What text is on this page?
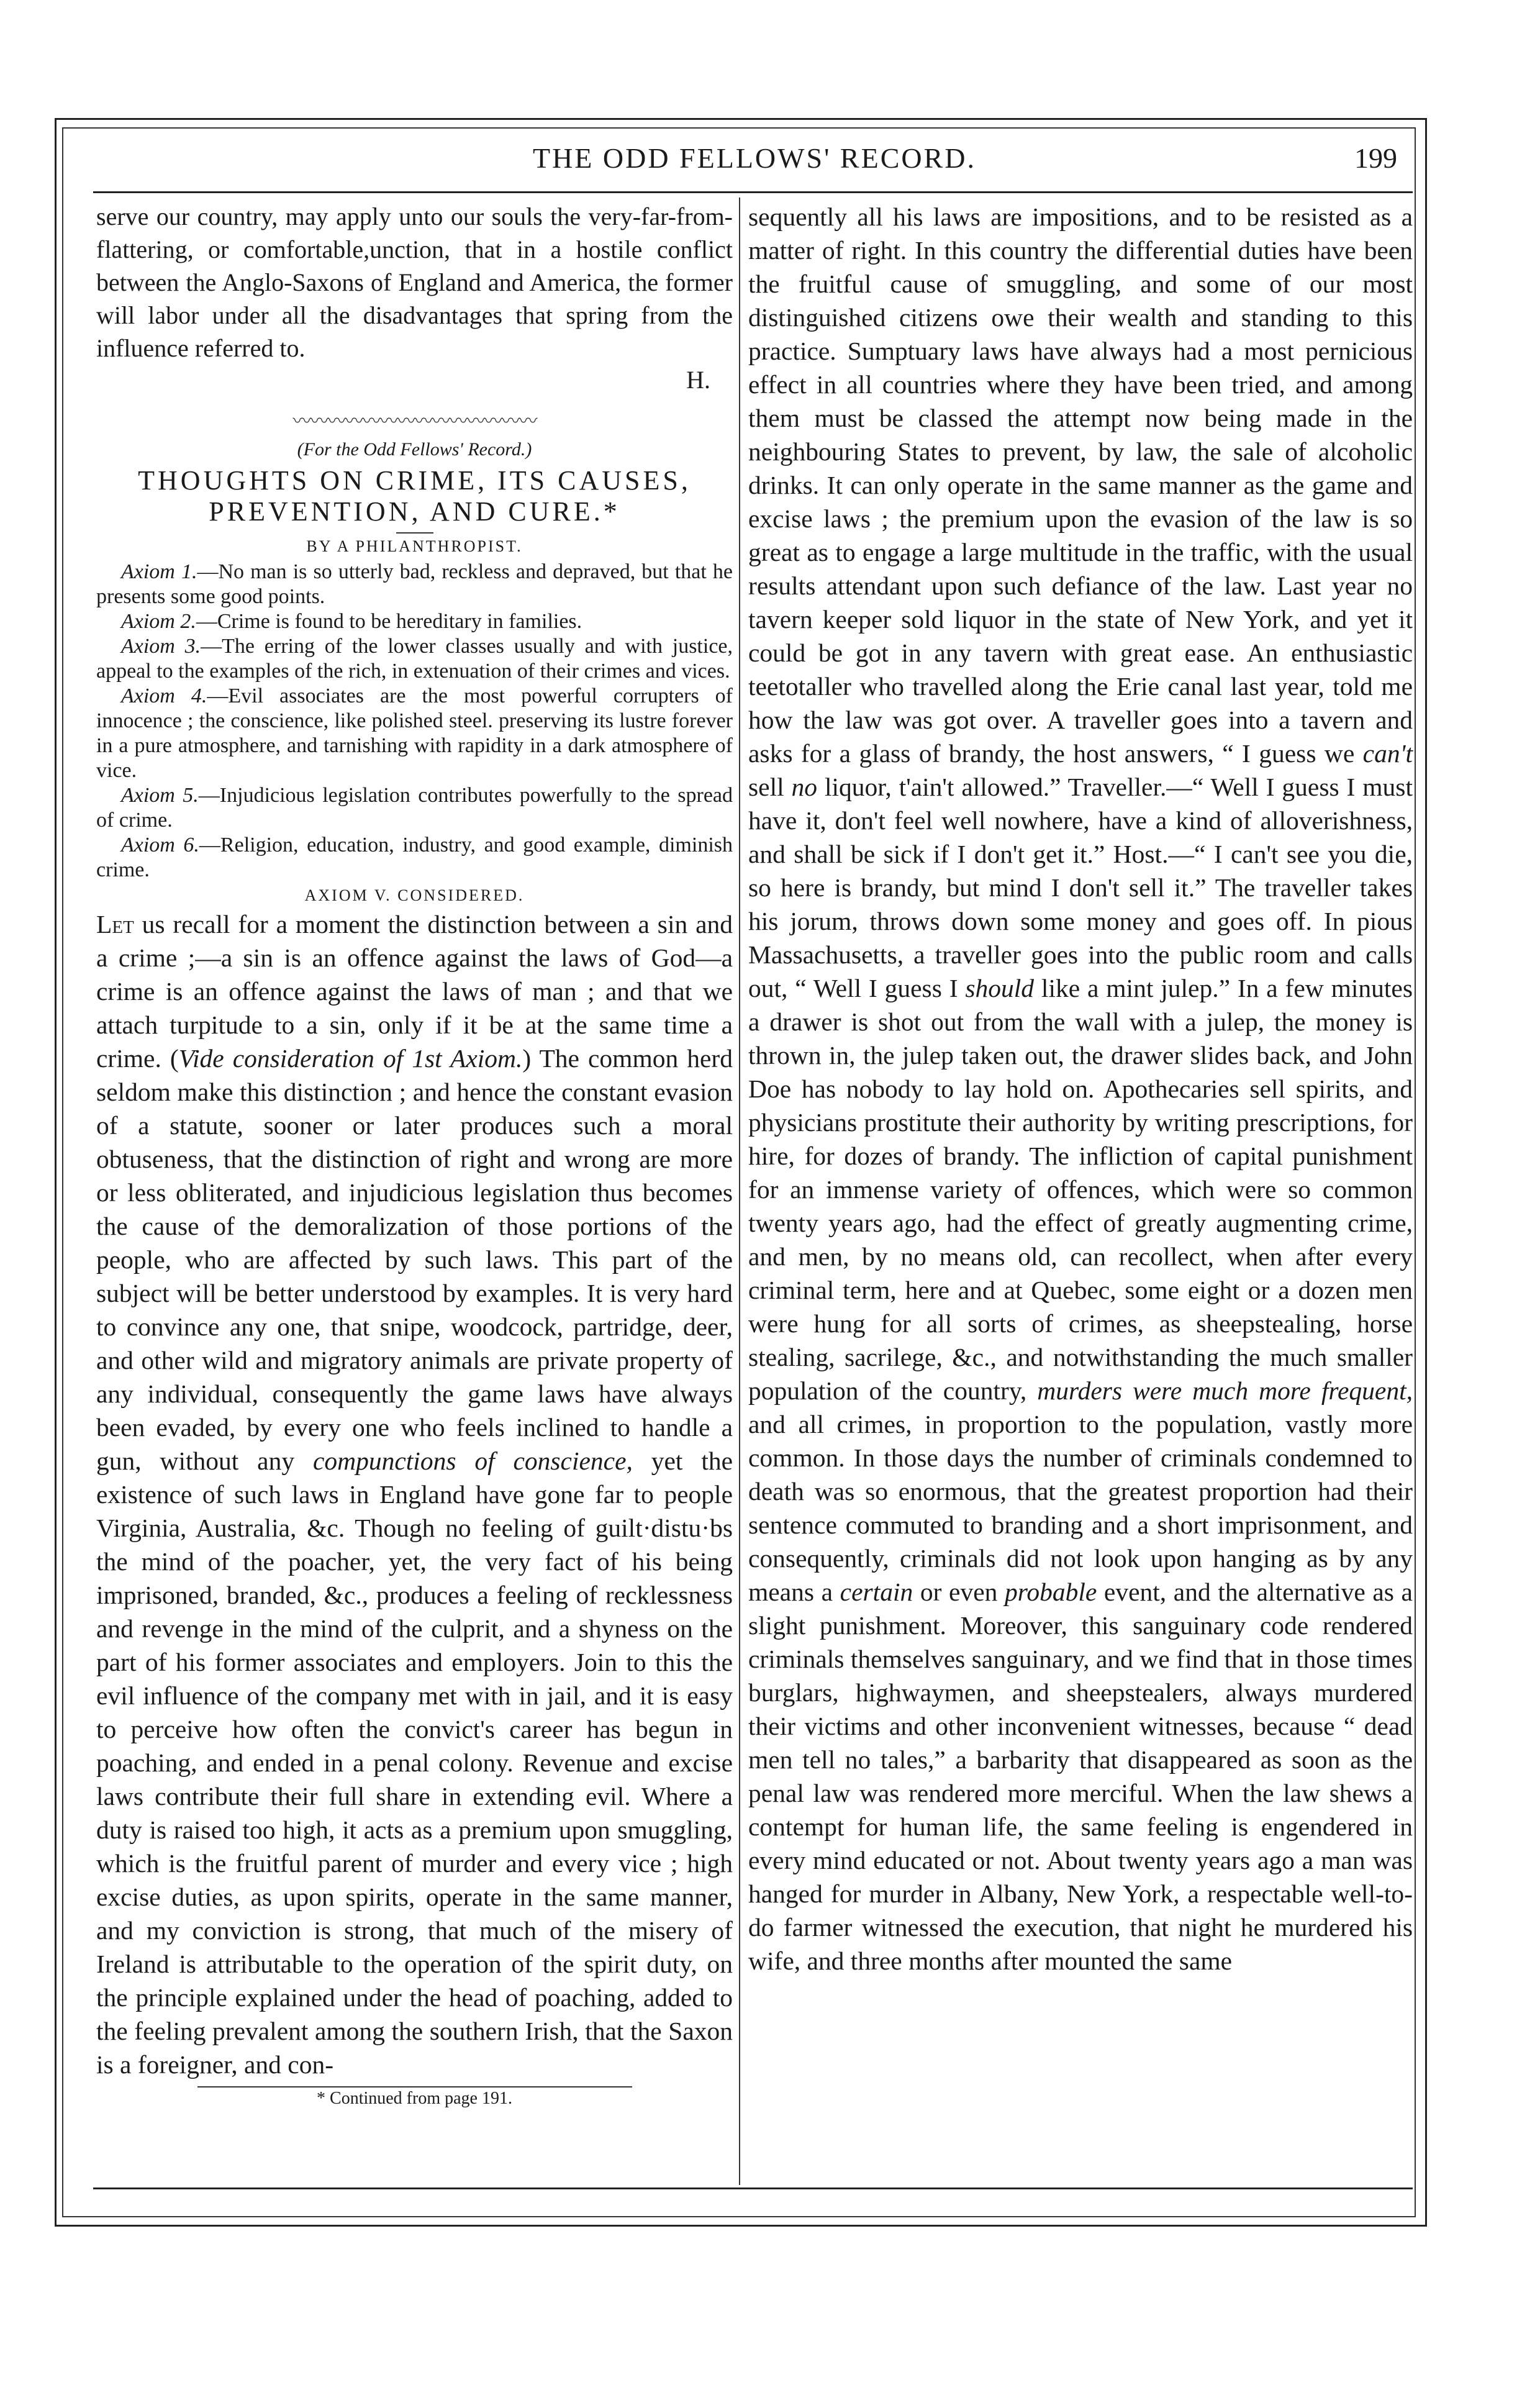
THE ODD FELLOWS' RECORD.	199

serve our country, may apply unto our souls the very-far-from-flattering, or comfortable,unction, that in a hostile conflict between the Anglo-Saxons of England and America, the former will labor under all the disadvantages that spring from the influence referred to.

H.
〰〰〰〰〰〰〰〰〰〰〰〰〰〰
(For the Odd Fellows' Record.)
THOUGHTS ON CRIME, ITS CAUSES, PREVENTION, AND CURE.*
BY A PHILANTHROPIST.

Axiom 1.—No man is so utterly bad, reckless and depraved, but that he presents some good points.

Axiom 2.—Crime is found to be hereditary in families.

Axiom 3.—The erring of the lower classes usually and with justice, appeal to the examples of the rich, in extenuation of their crimes and vices.

Axiom 4.—Evil associates are the most powerful corrupters of innocence ; the conscience, like polished steel. preserving its lustre forever in a pure atmosphere, and tarnishing with rapidity in a dark atmosphere of vice.

Axiom 5.—Injudicious legislation contributes powerfully to the spread of crime.

Axiom 6.—Religion, education, industry, and good example, diminish crime.

AXIOM V. CONSIDERED.

Let us recall for a moment the distinction between a sin and a crime ;—a sin is an offence against the laws of God—a crime is an offence against the laws of man ; and that we attach turpitude to a sin, only if it be at the same time a crime. (Vide consideration of 1st Axiom.) The common herd seldom make this distinction ; and hence the constant evasion of a statute, sooner or later produces such a moral obtuseness, that the distinction of right and wrong are more or less obliterated, and injudicious legislation thus becomes the cause of the demoralization of those portions of the people, who are affected by such laws. This part of the subject will be better understood by examples. It is very hard to convince any one, that snipe, woodcock, partridge, deer, and other wild and migratory animals are private property of any individual, consequently the game laws have always been evaded, by every one who feels inclined to handle a gun, without any compunctions of conscience, yet the existence of such laws in England have gone far to people Virginia, Australia, &c. Though no feeling of guilt·distu·bs the mind of the poacher, yet, the very fact of his being imprisoned, branded, &c., produces a feeling of recklessness and revenge in the mind of the culprit, and a shyness on the part of his former associates and employers. Join to this the evil influence of the company met with in jail, and it is easy to perceive how often the convict's career has begun in poaching, and ended in a penal colony. Revenue and excise laws contribute their full share in extending evil. Where a duty is raised too high, it acts as a premium upon smuggling, which is the fruitful parent of murder and every vice ; high excise duties, as upon spirits, operate in the same manner, and my conviction is strong, that much of the misery of Ireland is attributable to the operation of the spirit duty, on the principle explained under the head of poaching, added to the feeling prevalent among the southern Irish, that the Saxon is a foreigner, and con-

* Continued from page 191.

sequently all his laws are impositions, and to be resisted as a matter of right. In this country the differential duties have been the fruitful cause of smuggling, and some of our most distinguished citizens owe their wealth and standing to this practice. Sumptuary laws have always had a most pernicious effect in all countries where they have been tried, and among them must be classed the attempt now being made in the neighbouring States to prevent, by law, the sale of alcoholic drinks. It can only operate in the same manner as the game and excise laws ; the premium upon the evasion of the law is so great as to engage a large multitude in the traffic, with the usual results attendant upon such defiance of the law. Last year no tavern keeper sold liquor in the state of New York, and yet it could be got in any tavern with great ease. An enthusiastic teetotaller who travelled along the Erie canal last year, told me how the law was got over. A traveller goes into a tavern and asks for a glass of brandy, the host answers, “ I guess we can't sell no liquor, t'ain't allowed.” Traveller.—“ Well I guess I must have it, don't feel well nowhere, have a kind of alloverishness, and shall be sick if I don't get it.” Host.—“ I can't see you die, so here is brandy, but mind I don't sell it.” The traveller takes his jorum, throws down some money and goes off. In pious Massachusetts, a traveller goes into the public room and calls out, “ Well I guess I should like a mint julep.” In a few minutes a drawer is shot out from the wall with a julep, the money is thrown in, the julep taken out, the drawer slides back, and John Doe has nobody to lay hold on. Apothecaries sell spirits, and physicians prostitute their authority by writing prescriptions, for hire, for dozes of brandy. The infliction of capital punishment for an immense variety of offences, which were so common twenty years ago, had the effect of greatly augmenting crime, and men, by no means old, can recollect, when after every criminal term, here and at Quebec, some eight or a dozen men were hung for all sorts of crimes, as sheepstealing, horse stealing, sacrilege, &c., and notwithstanding the much smaller population of the country, murders were much more frequent, and all crimes, in proportion to the population, vastly more common. In those days the number of criminals condemned to death was so enormous, that the greatest proportion had their sentence commuted to branding and a short imprisonment, and consequently, criminals did not look upon hanging as by any means a certain or even probable event, and the alternative as a slight punishment. Moreover, this sanguinary code rendered criminals themselves sanguinary, and we find that in those times burglars, highwaymen, and sheepstealers, always murdered their victims and other inconvenient witnesses, because “ dead men tell no tales,” a barbarity that disappeared as soon as the penal law was rendered more merciful. When the law shews a contempt for human life, the same feeling is engendered in every mind educated or not. About twenty years ago a man was hanged for murder in Albany, New York, a respectable well-to-do farmer witnessed the execution, that night he murdered his wife, and three months after mounted the same
